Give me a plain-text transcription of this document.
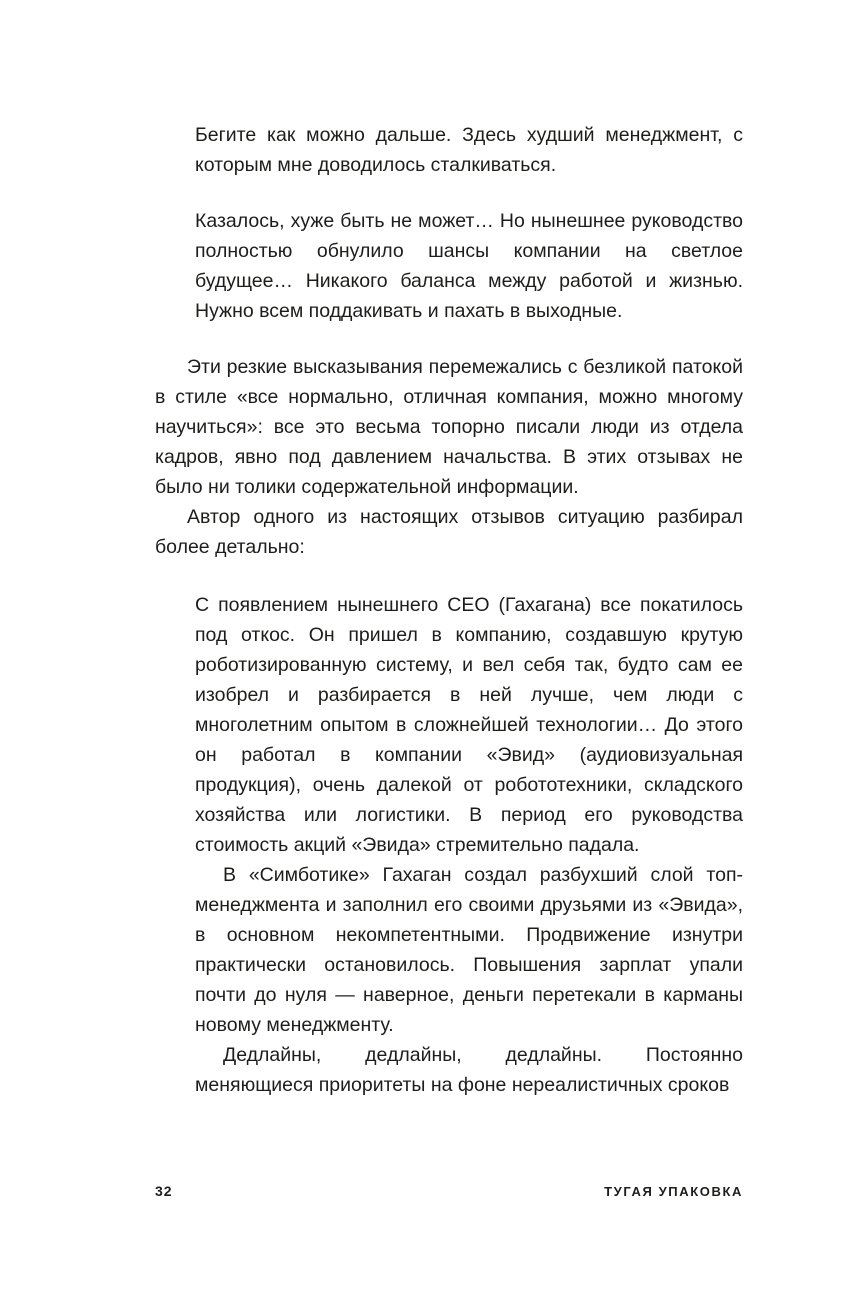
Бегите как можно дальше. Здесь худший менеджмент, с которым мне доводилось сталкиваться.

Казалось, хуже быть не может… Но нынешнее руководство полностью обнулило шансы компании на светлое будущее… Никакого баланса между работой и жизнью. Нужно всем поддакивать и пахать в выходные.

Эти резкие высказывания перемежались с безликой патокой в стиле «все нормально, отличная компания, можно многому научиться»: все это весьма топорно писали люди из отдела кадров, явно под давлением начальства. В этих отзывах не было ни толики содержательной информации.

Автор одного из настоящих отзывов ситуацию разбирал более детально:

С появлением нынешнего CEO (Гахагана) все покатилось под откос. Он пришел в компанию, создавшую крутую роботизированную систему, и вел себя так, будто сам ее изобрел и разбирается в ней лучше, чем люди с многолетним опытом в сложнейшей технологии… До этого он работал в компании «Эвид» (аудиовизуальная продукция), очень далекой от робототехники, складского хозяйства или логистики. В период его руководства стоимость акций «Эвида» стремительно падала.

В «Симботике» Гахаган создал разбухший слой топ-менеджмента и заполнил его своими друзьями из «Эвида», в основном некомпетентными. Продвижение изнутри практически остановилось. Повышения зарплат упали почти до нуля — наверное, деньги перетекали в карманы новому менеджменту.

Дедлайны, дедлайны, дедлайны. Постоянно меняющиеся приоритеты на фоне нереалистичных сроков

32	ТУГАЯ УПАКОВКА
